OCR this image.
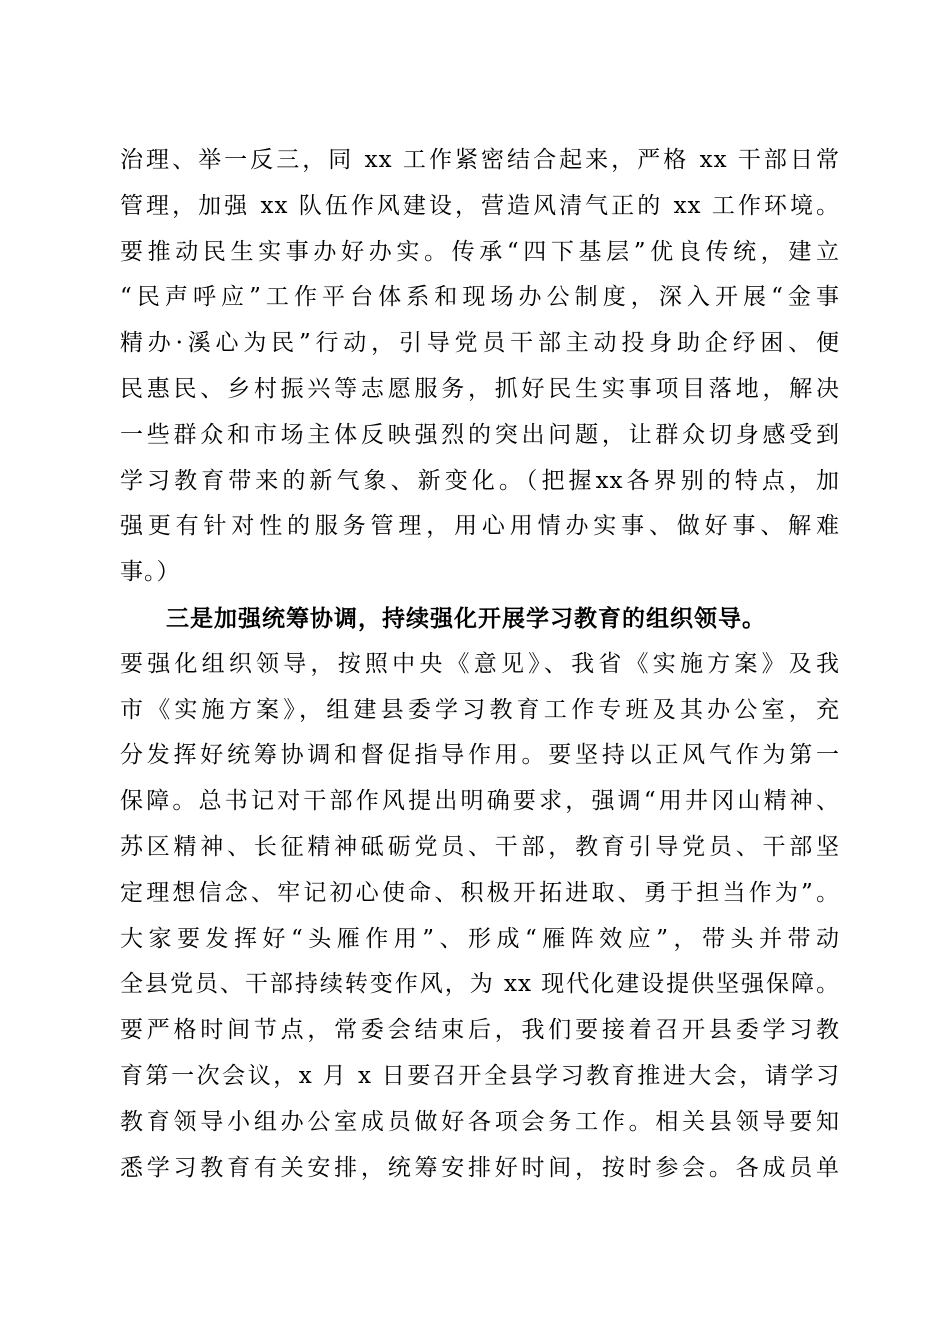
治理、举一反三，同 xx 工作紧密结合起来，严格 xx 干部日常
管理，加强 xx 队伍作风建设，营造风清气正的 xx 工作环境。
要推动民生实事办好办实。传承“四下基层”优良传统，建立
“民声呼应”工作平台体系和现场办公制度，深入开展“金事
精办·溪心为民”行动，引导党员干部主动投身助企纾困、便
民惠民、乡村振兴等志愿服务，抓好民生实事项目落地，解决
一些群众和市场主体反映强烈的突出问题，让群众切身感受到
学习教育带来的新气象、新变化。（把握xx各界别的特点，加
强更有针对性的服务管理，用心用情办实事、做好事、解难
事。）
三是加强统筹协调，持续强化开展学习教育的组织领导。
要强化组织领导，按照中央《意见》、我省《实施方案》及我
市《实施方案》，组建县委学习教育工作专班及其办公室，充
分发挥好统筹协调和督促指导作用。要坚持以正风气作为第一
保障。总书记对干部作风提出明确要求，强调“用井冈山精神、
苏区精神、长征精神砥砺党员、干部，教育引导党员、干部坚
定理想信念、牢记初心使命、积极开拓进取、勇于担当作为”。
大家要发挥好“头雁作用”、形成“雁阵效应”，带头并带动
全县党员、干部持续转变作风，为 xx 现代化建设提供坚强保障。
要严格时间节点，常委会结束后，我们要接着召开县委学习教
育第一次会议，x 月 x 日要召开全县学习教育推进大会，请学习
教育领导小组办公室成员做好各项会务工作。相关县领导要知
悉学习教育有关安排，统筹安排好时间，按时参会。各成员单
